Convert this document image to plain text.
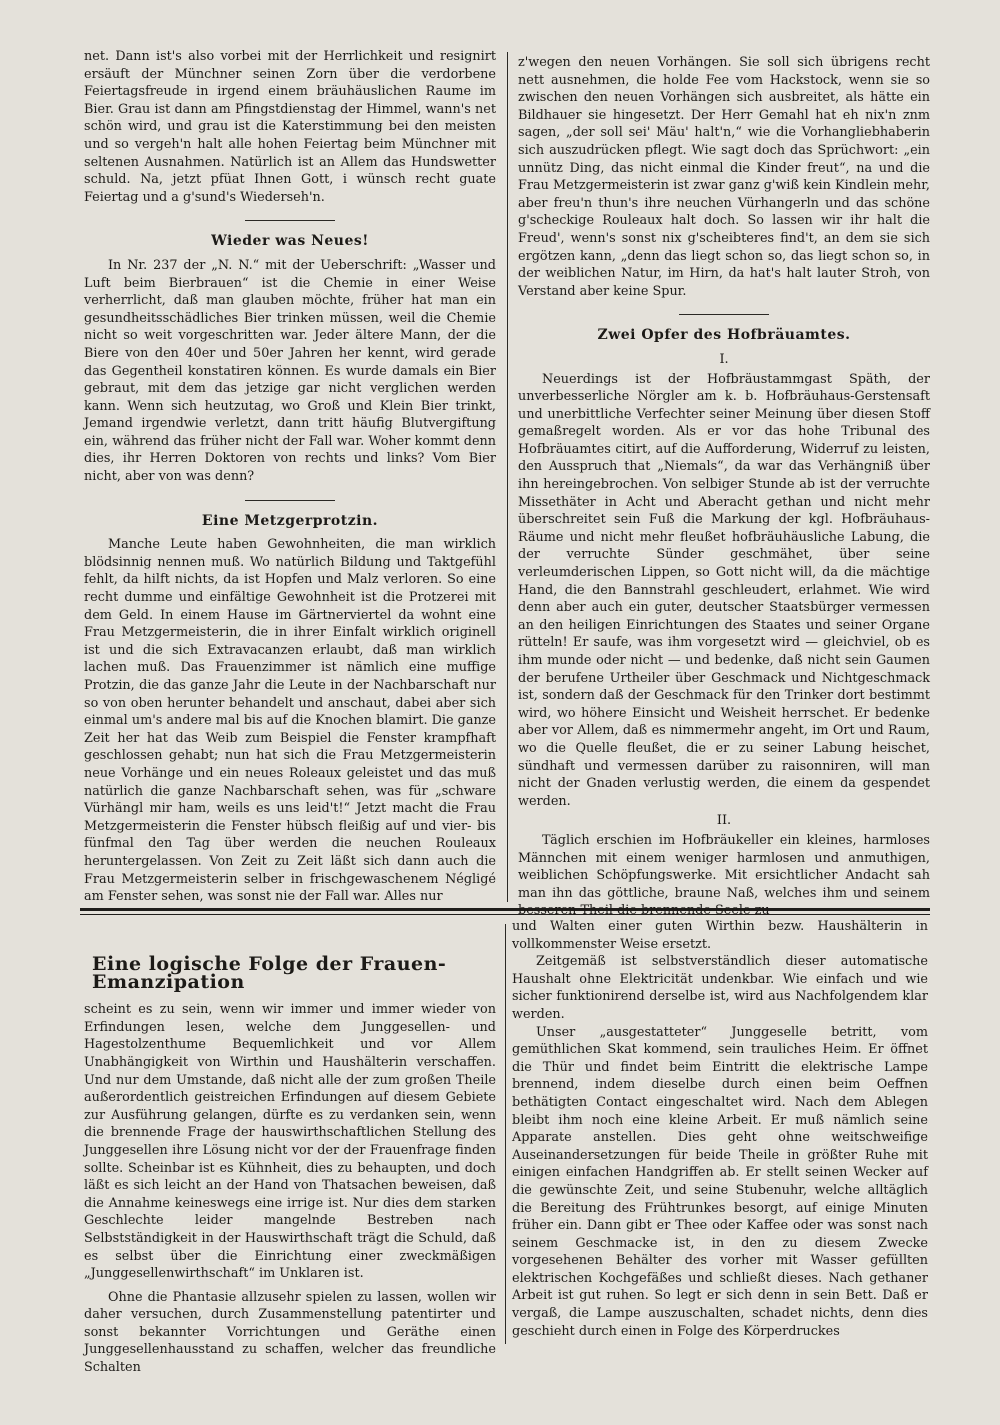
net. Dann ist's also vorbei mit der Herrlichkeit und resignirt ersäuft der Münchner seinen Zorn über die verdorbene Feiertagsfreude in irgend einem bräuhäuslichen Raume im Bier. Grau ist dann am Pfingstdienstag der Himmel, wann's net schön wird, und grau ist die Katerstimmung bei den meisten und so vergeh'n halt alle hohen Feiertag beim Münchner mit seltenen Ausnahmen. Natürlich ist an Allem das Hundswetter schuld. Na, jetzt pfüat Ihnen Gott, i wünsch recht guate Feiertag und a g'sund's Wiederseh'n.

Wieder was Neues!

In Nr. 237 der „N. N.“ mit der Ueberschrift: „Wasser und Luft beim Bierbrauen“ ist die Chemie in einer Weise verherrlicht, daß man glauben möchte, früher hat man ein gesundheitsschädliches Bier trinken müssen, weil die Chemie nicht so weit vorgeschritten war. Jeder ältere Mann, der die Biere von den 40er und 50er Jahren her kennt, wird gerade das Gegentheil konstatiren können. Es wurde damals ein Bier gebraut, mit dem das jetzige gar nicht verglichen werden kann. Wenn sich heutzutag, wo Groß und Klein Bier trinkt, Jemand irgendwie verletzt, dann tritt häufig Blutvergiftung ein, während das früher nicht der Fall war. Woher kommt denn dies, ihr Herren Doktoren von rechts und links? Vom Bier nicht, aber von was denn?

Eine Metzgerprotzin.

Manche Leute haben Gewohnheiten, die man wirklich blödsinnig nennen muß. Wo natürlich Bildung und Taktgefühl fehlt, da hilft nichts, da ist Hopfen und Malz verloren. So eine recht dumme und einfältige Gewohnheit ist die Protzerei mit dem Geld. In einem Hause im Gärtnerviertel da wohnt eine Frau Metzgermeisterin, die in ihrer Einfalt wirklich originell ist und die sich Extravacanzen erlaubt, daß man wirklich lachen muß. Das Frauenzimmer ist nämlich eine muffige Protzin, die das ganze Jahr die Leute in der Nachbarschaft nur so von oben herunter behandelt und anschaut, dabei aber sich einmal um's andere mal bis auf die Knochen blamirt. Die ganze Zeit her hat das Weib zum Beispiel die Fenster krampfhaft geschlossen gehabt; nun hat sich die Frau Metzgermeisterin neue Vorhänge und ein neues Roleaux geleistet und das muß natürlich die ganze Nachbarschaft sehen, was für „schware Vürhängl mir ham, weils es uns leid't!“ Jetzt macht die Frau Metzgermeisterin die Fenster hübsch fleißig auf und vier- bis fünfmal den Tag über werden die neuchen Rouleaux heruntergelassen. Von Zeit zu Zeit läßt sich dann auch die Frau Metzgermeisterin selber in frischgewaschenem Négligé am Fenster sehen, was sonst nie der Fall war. Alles nur

z'wegen den neuen Vorhängen. Sie soll sich übrigens recht nett ausnehmen, die holde Fee vom Hackstock, wenn sie so zwischen den neuen Vorhängen sich ausbreitet, als hätte ein Bildhauer sie hingesetzt. Der Herr Gemahl hat eh nix'n znm sagen, „der soll sei' Mäu' halt'n,“ wie die Vorhangliebhaberin sich auszudrücken pflegt. Wie sagt doch das Sprüchwort: „ein unnütz Ding, das nicht einmal die Kinder freut“, na und die Frau Metzgermeisterin ist zwar ganz g'wiß kein Kindlein mehr, aber freu'n thun's ihre neuchen Vürhangerln und das schöne g'scheckige Rouleaux halt doch. So lassen wir ihr halt die Freud', wenn's sonst nix g'scheibteres find't, an dem sie sich ergötzen kann, „denn das liegt schon so, das liegt schon so, in der weiblichen Natur, im Hirn, da hat's halt lauter Stroh, von Verstand aber keine Spur.

Zwei Opfer des Hofbräuamtes.
I.

Neuerdings ist der Hofbräustammgast Späth, der unverbesserliche Nörgler am k. b. Hofbräuhaus-Gerstensaft und unerbittliche Verfechter seiner Meinung über diesen Stoff gemaßregelt worden. Als er vor das hohe Tribunal des Hofbräuamtes citirt, auf die Aufforderung, Widerruf zu leisten, den Ausspruch that „Niemals“, da war das Verhängniß über ihn hereingebrochen. Von selbiger Stunde ab ist der verruchte Missethäter in Acht und Aberacht gethan und nicht mehr überschreitet sein Fuß die Markung der kgl. Hofbräuhaus-Räume und nicht mehr fleußet hofbräuhäusliche Labung, die der verruchte Sünder geschmähet, über seine verleumderischen Lippen, so Gott nicht will, da die mächtige Hand, die den Bannstrahl geschleudert, erlahmet. Wie wird denn aber auch ein guter, deutscher Staatsbürger vermessen an den heiligen Einrichtungen des Staates und seiner Organe rütteln! Er saufe, was ihm vorgesetzt wird — gleichviel, ob es ihm munde oder nicht — und bedenke, daß nicht sein Gaumen der berufene Urtheiler über Geschmack und Nichtgeschmack ist, sondern daß der Geschmack für den Trinker dort bestimmt wird, wo höhere Einsicht und Weisheit herrschet. Er bedenke aber vor Allem, daß es nimmermehr angeht, im Ort und Raum, wo die Quelle fleußet, die er zu seiner Labung heischet, sündhaft und vermessen darüber zu raisonniren, will man nicht der Gnaden verlustig werden, die einem da gespendet werden.

II.

Täglich erschien im Hofbräukeller ein kleines, harmloses Männchen mit einem weniger harmlosen und anmuthigen, weiblichen Schöpfungswerke. Mit ersichtlicher Andacht sah man ihn das göttliche, braune Naß, welches ihm und seinem besseren Theil die brennende Seele zu

Eine logische Folge der Frauen-Emanzipation

scheint es zu sein, wenn wir immer und immer wieder von Erfindungen lesen, welche dem Junggesellen- und Hagestolzenthume Bequemlichkeit und vor Allem Unabhängigkeit von Wirthin und Haushälterin verschaffen. Und nur dem Umstande, daß nicht alle der zum großen Theile außerordentlich geistreichen Erfindungen auf diesem Gebiete zur Ausführung gelangen, dürfte es zu verdanken sein, wenn die brennende Frage der hauswirthschaftlichen Stellung des Junggesellen ihre Lösung nicht vor der der Frauenfrage finden sollte. Scheinbar ist es Kühnheit, dies zu behaupten, und doch läßt es sich leicht an der Hand von Thatsachen beweisen, daß die Annahme keineswegs eine irrige ist. Nur dies dem starken Geschlechte leider mangelnde Bestreben nach Selbstständigkeit in der Hauswirthschaft trägt die Schuld, daß es selbst über die Einrichtung einer zweckmäßigen „Junggesellenwirthschaft“ im Unklaren ist.

Ohne die Phantasie allzusehr spielen zu lassen, wollen wir daher versuchen, durch Zusammenstellung patentirter und sonst bekannter Vorrichtungen und Geräthe einen Junggesellenhausstand zu schaffen, welcher das freundliche Schalten

und Walten einer guten Wirthin bezw. Haushälterin in vollkommenster Weise ersetzt.

Zeitgemäß ist selbstverständlich dieser automatische Haushalt ohne Elektricität undenkbar. Wie einfach und wie sicher funktionirend derselbe ist, wird aus Nachfolgendem klar werden.

Unser „ausgestatteter“ Junggeselle betritt, vom gemüthlichen Skat kommend, sein trauliches Heim. Er öffnet die Thür und findet beim Eintritt die elektrische Lampe brennend, indem dieselbe durch einen beim Oeffnen bethätigten Contact eingeschaltet wird. Nach dem Ablegen bleibt ihm noch eine kleine Arbeit. Er muß nämlich seine Apparate anstellen. Dies geht ohne weitschweifige Auseinandersetzungen für beide Theile in größter Ruhe mit einigen einfachen Handgriffen ab. Er stellt seinen Wecker auf die gewünschte Zeit, und seine Stubenuhr, welche alltäglich die Bereitung des Frühtrunkes besorgt, auf einige Minuten früher ein. Dann gibt er Thee oder Kaffee oder was sonst nach seinem Geschmacke ist, in den zu diesem Zwecke vorgesehenen Behälter des vorher mit Wasser gefüllten elektrischen Kochgefäßes und schließt dieses. Nach gethaner Arbeit ist gut ruhen. So legt er sich denn in sein Bett. Daß er vergaß, die Lampe auszuschalten, schadet nichts, denn dies geschieht durch einen in Folge des Körperdruckes
